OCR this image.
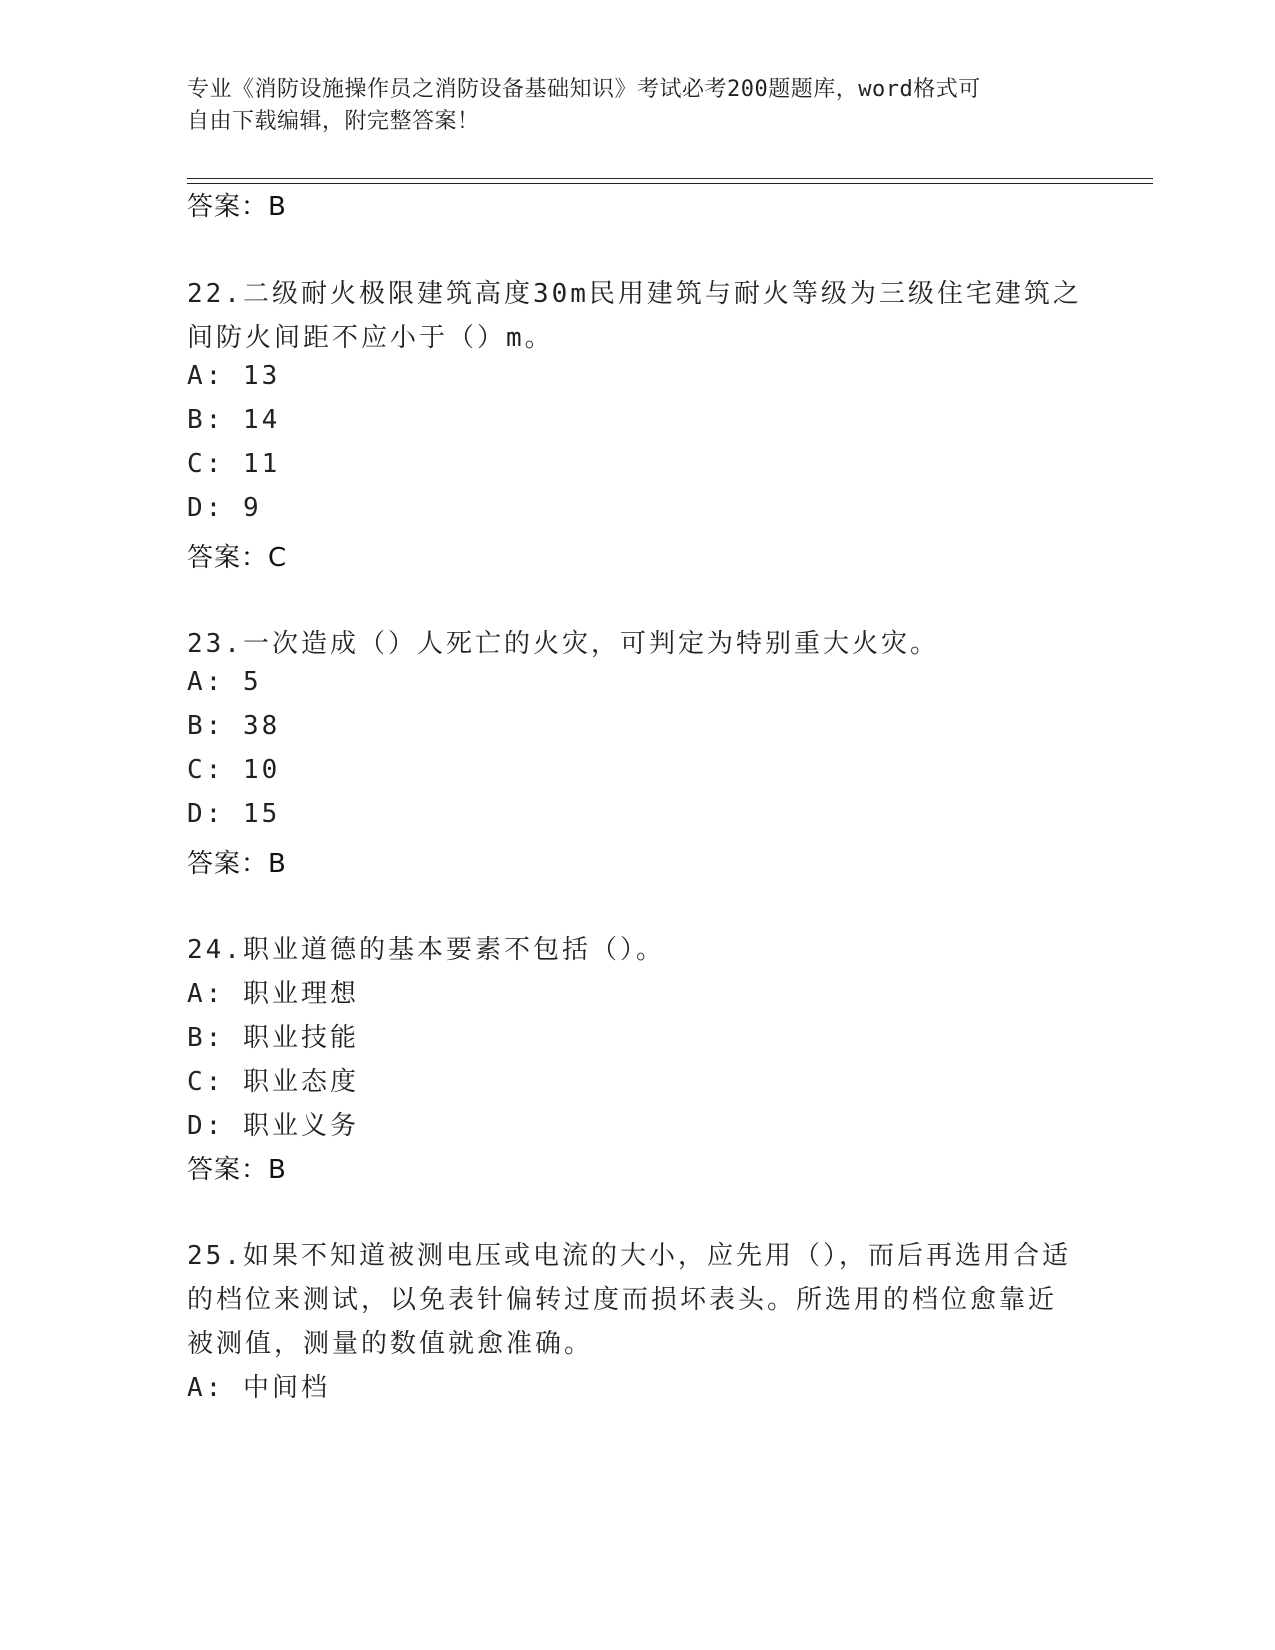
专业《消防设施操作员之消防设备基础知识》考试必考200题题库，word格式可
自由下载编辑，附完整答案！
答案：B
22.二级耐火极限建筑高度30m民用建筑与耐火等级为三级住宅建筑之
间防火间距不应小于（）m。
A: 13
B: 14
C: 11
D: 9
答案：C
23.一次造成（）人死亡的火灾，可判定为特别重大火灾。
A: 5
B: 38
C: 10
D: 15
答案：B
24.职业道德的基本要素不包括（）。
A: 职业理想
B: 职业技能
C: 职业态度
D: 职业义务
答案：B
25.如果不知道被测电压或电流的大小，应先用（），而后再选用合适
的档位来测试，以免表针偏转过度而损坏表头。所选用的档位愈靠近
被测值，测量的数值就愈准确。
A: 中间档
